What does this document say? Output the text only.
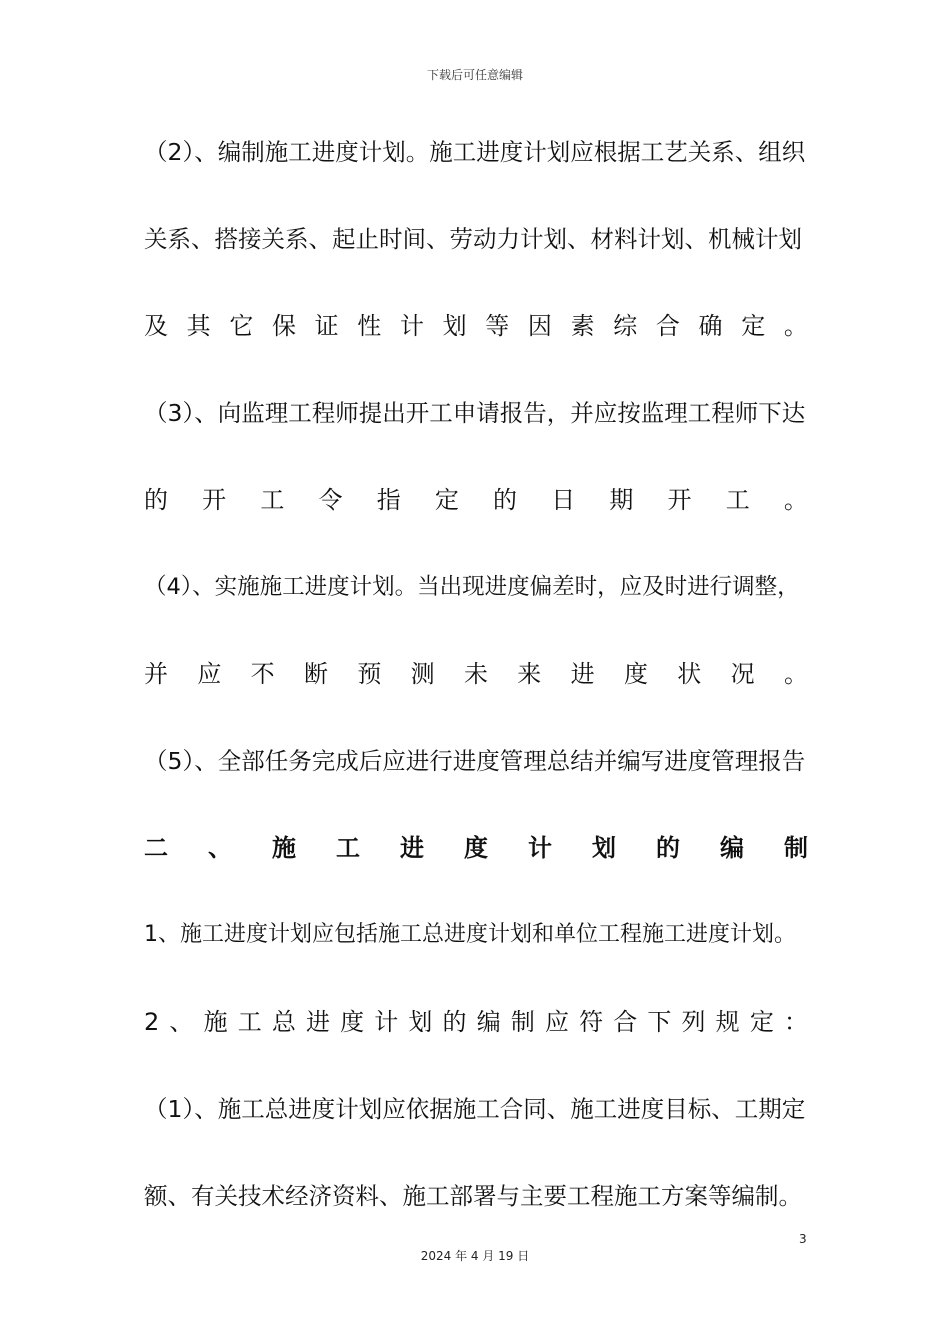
下载后可任意编辑
（2）、编制施工进度计划。施工进度计划应根据工艺关系、组织
关系、搭接关系、起止时间、劳动力计划、材料计划、机械计划
及 其 它 保 证 性 计 划 等 因 素 综 合 确 定 。
（3）、向监理工程师提出开工申请报告，并应按监理工程师下达
的 开 工 令 指 定 的 日 期 开 工 。
（4）、实施施工进度计划。当出现进度偏差时，应及时进行调整，
并 应 不 断 预 测 未 来 进 度 状 况 。
（5）、全部任务完成后应进行进度管理总结并编写进度管理报告
二 、 施 工 进 度 计 划 的 编 制
1、施工进度计划应包括施工总进度计划和单位工程施工进度计划。
2 、 施 工 总 进 度 计 划 的 编 制 应 符 合 下 列 规 定 ：
（1）、施工总进度计划应依据施工合同、施工进度目标、工期定
额、有关技术经济资料、施工部署与主要工程施工方案等编制。
3
2024 年 4 月 19 日
